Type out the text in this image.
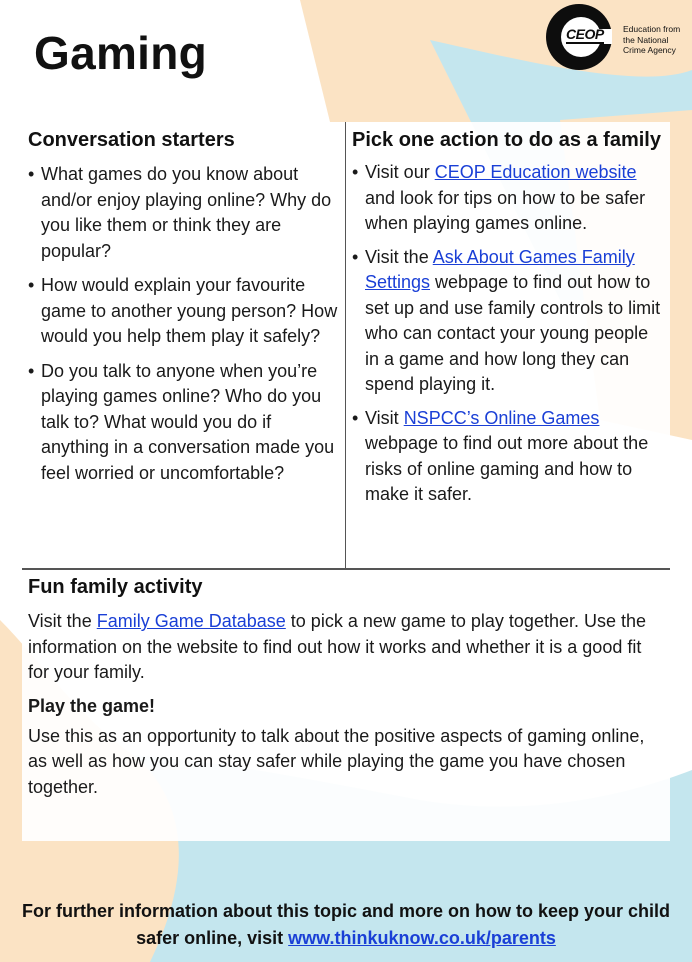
Gaming	CEOP Education from the National Crime Agency
Conversation starters
• What games do you know about and/or enjoy playing online? Why do you like them or think they are popular?
• How would explain your favourite game to another young person? How would you help them play it safely?
• Do you talk to anyone when you’re playing games online? Who do you talk to? What would you do if anything in a conversation made you feel worried or uncomfortable?
Pick one action to do as a family
• Visit our CEOP Education website and look for tips on how to be safer when playing games online.
• Visit the Ask About Games Family Settings webpage to find out how to set up and use family controls to limit who can contact your young people in a game and how long they can spend playing it.
• Visit NSPCC’s Online Games webpage to find out more about the risks of online gaming and how to make it safer.
Fun family activity

Visit the Family Game Database to pick a new game to play together. Use the information on the website to find out how it works and whether it is a good fit for your family.

Play the game!

Use this as an opportunity to talk about the positive aspects of gaming online, as well as how you can stay safer while playing the game you have chosen together.

For further information about this topic and more on how to keep your child safer online, visit www.thinkuknow.co.uk/parents
